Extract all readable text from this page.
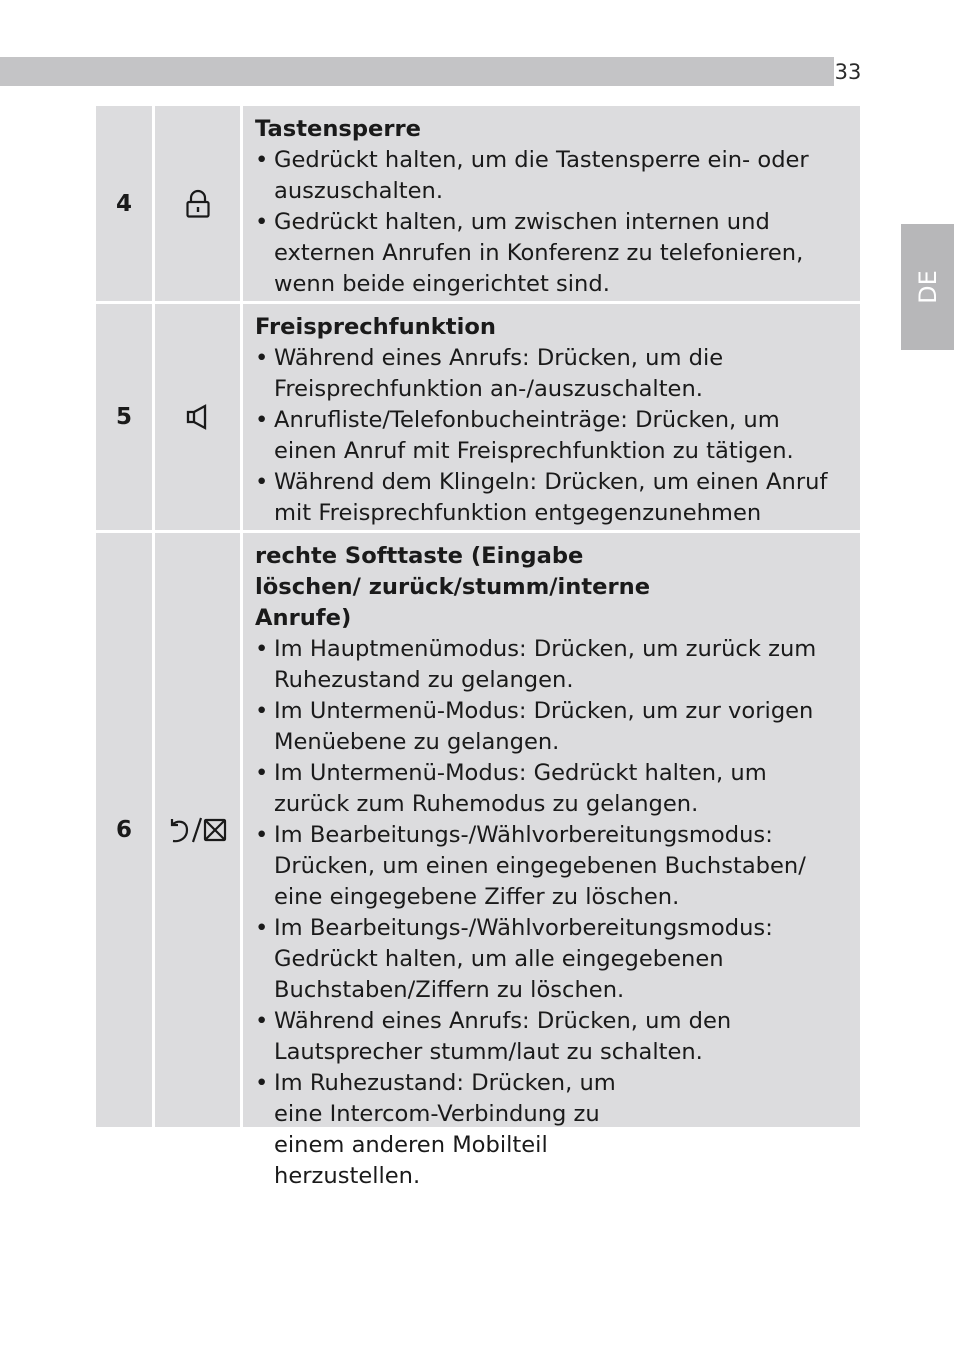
33
DE
4
Tastensperre
• Gedrückt halten, um die Tastensperre ein- oder auszuschalten.
• Gedrückt halten, um zwischen internen und externen Anrufen in Konferenz zu telefonieren, wenn beide eingerichtet sind.
5
Freisprechfunktion
• Während eines Anrufs: Drücken, um die Freisprechfunktion an-/auszuschalten.
• Anrufliste/Telefonbucheinträge: Drücken, um einen Anruf mit Freisprechfunktion zu tätigen.
• Während dem Klingeln: Drücken, um einen Anruf mit Freisprechfunktion entgegenzunehmen
6
rechte Softtaste (Eingabe löschen/ zurück/stumm/interne Anrufe)
• Im Hauptmenümodus: Drücken, um zurück zum Ruhezustand zu gelangen.
• Im Untermenü-Modus: Drücken, um zur vorigen Menüebene zu gelangen.
• Im Untermenü-Modus: Gedrückt halten, um zurück zum Ruhemodus zu gelangen.
• Im Bearbeitungs-/Wählvorbereitungsmodus: Drücken, um einen eingegebenen Buchstaben/ eine eingegebene Ziffer zu löschen.
• Im Bearbeitungs-/Wählvorbereitungsmodus: Gedrückt halten, um alle eingegebenen Buchstaben/Ziffern zu löschen.
• Während eines Anrufs: Drücken, um den Lautsprecher stumm/laut zu schalten.
• Im Ruhezustand: Drücken, um eine Intercom-Verbindung zu einem anderen Mobilteil herzustellen.
